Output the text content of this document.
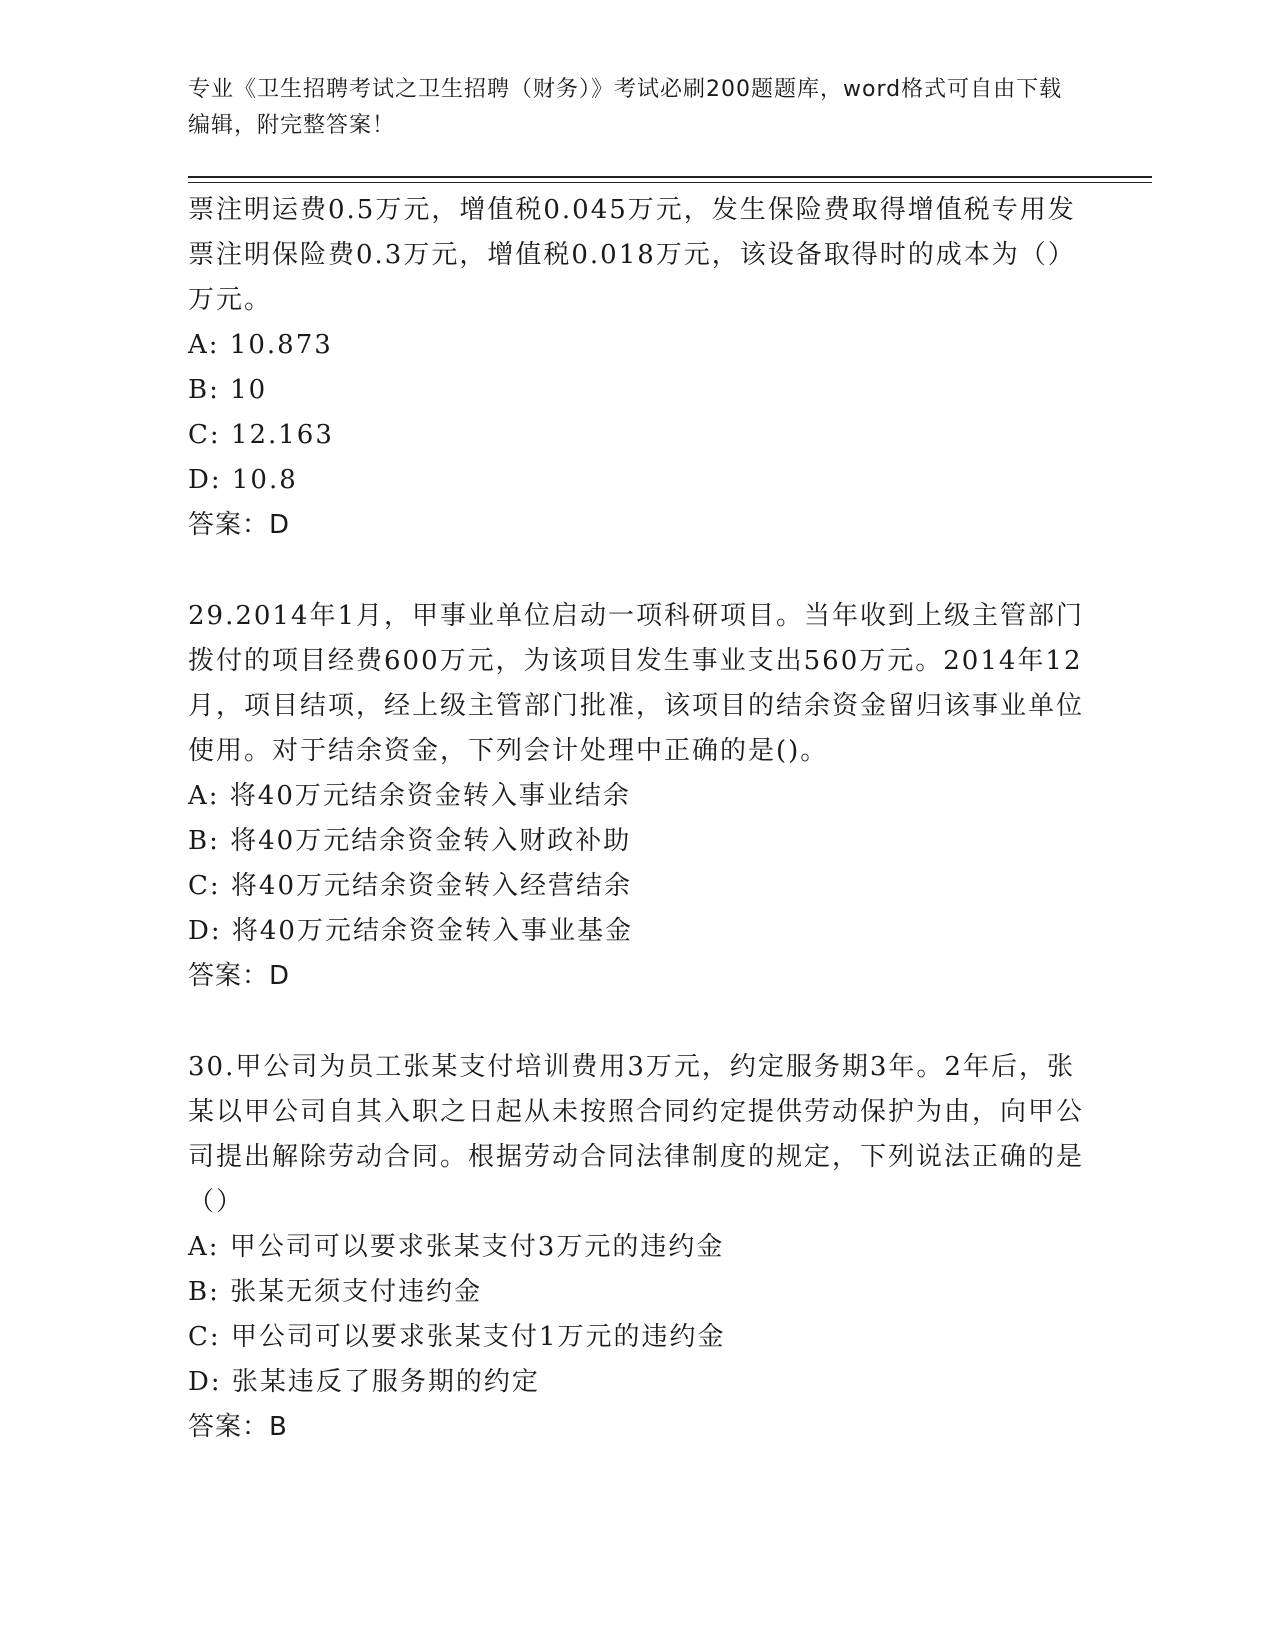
专业《卫生招聘考试之卫生招聘（财务）》考试必刷200题题库，word格式可自由下载编辑，附完整答案！

票注明运费0.5万元，增值税0.045万元，发生保险费取得增值税专用发票注明保险费0.3万元，增值税0.018万元，该设备取得时的成本为（）万元。

A: 10.873

B: 10

C: 12.163

D: 10.8

答案：D

29.2014年1月，甲事业单位启动一项科研项目。当年收到上级主管部门拨付的项目经费600万元，为该项目发生事业支出560万元。2014年12月，项目结项，经上级主管部门批准，该项目的结余资金留归该事业单位使用。对于结余资金，下列会计处理中正确的是()。

A: 将40万元结余资金转入事业结余

B: 将40万元结余资金转入财政补助

C: 将40万元结余资金转入经营结余

D: 将40万元结余资金转入事业基金

答案：D

30.甲公司为员工张某支付培训费用3万元，约定服务期3年。2年后，张某以甲公司自其入职之日起从未按照合同约定提供劳动保护为由，向甲公司提出解除劳动合同。根据劳动合同法律制度的规定，下列说法正确的是（）

A: 甲公司可以要求张某支付3万元的违约金

B: 张某无须支付违约金

C: 甲公司可以要求张某支付1万元的违约金

D: 张某违反了服务期的约定

答案：B
